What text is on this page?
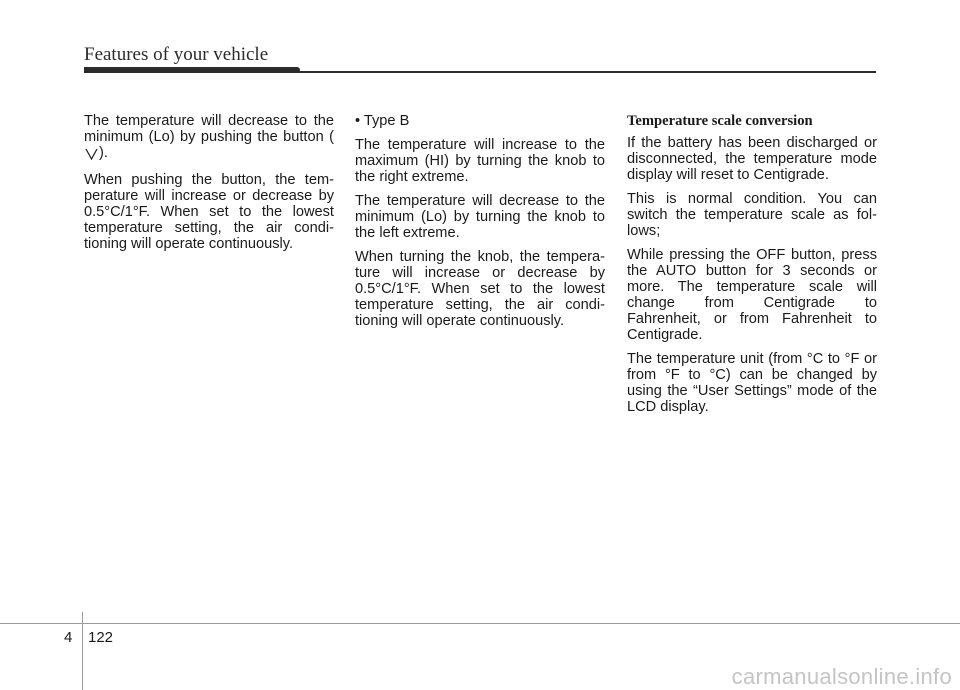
Features of your vehicle

The temperature will decrease to the minimum (Lo) by pushing the button ().

When pushing the button, the tem-perature will increase or decrease by 0.5°C/1°F. When set to the lowest temperature setting, the air condi-tioning will operate continuously.

• Type B

The temperature will increase to the maximum (HI) by turning the knob to the right extreme.

The temperature will decrease to the minimum (Lo) by turning the knob to the left extreme.

When turning the knob, the tempera-ture will increase or decrease by 0.5°C/1°F. When set to the lowest temperature setting, the air condi-tioning will operate continuously.

Temperature scale conversion

If the battery has been discharged or disconnected, the temperature mode display will reset to Centigrade.

This is normal condition. You can switch the temperature scale as fol-lows;

While pressing the OFF button, press the AUTO button for 3 seconds or more. The temperature scale will change from Centigrade to Fahrenheit, or from Fahrenheit to Centigrade.

The temperature unit (from °C to °F or from °F to °C) can be changed by using the “User Settings” mode of the LCD display.

4 122
carmanualsonline.info
